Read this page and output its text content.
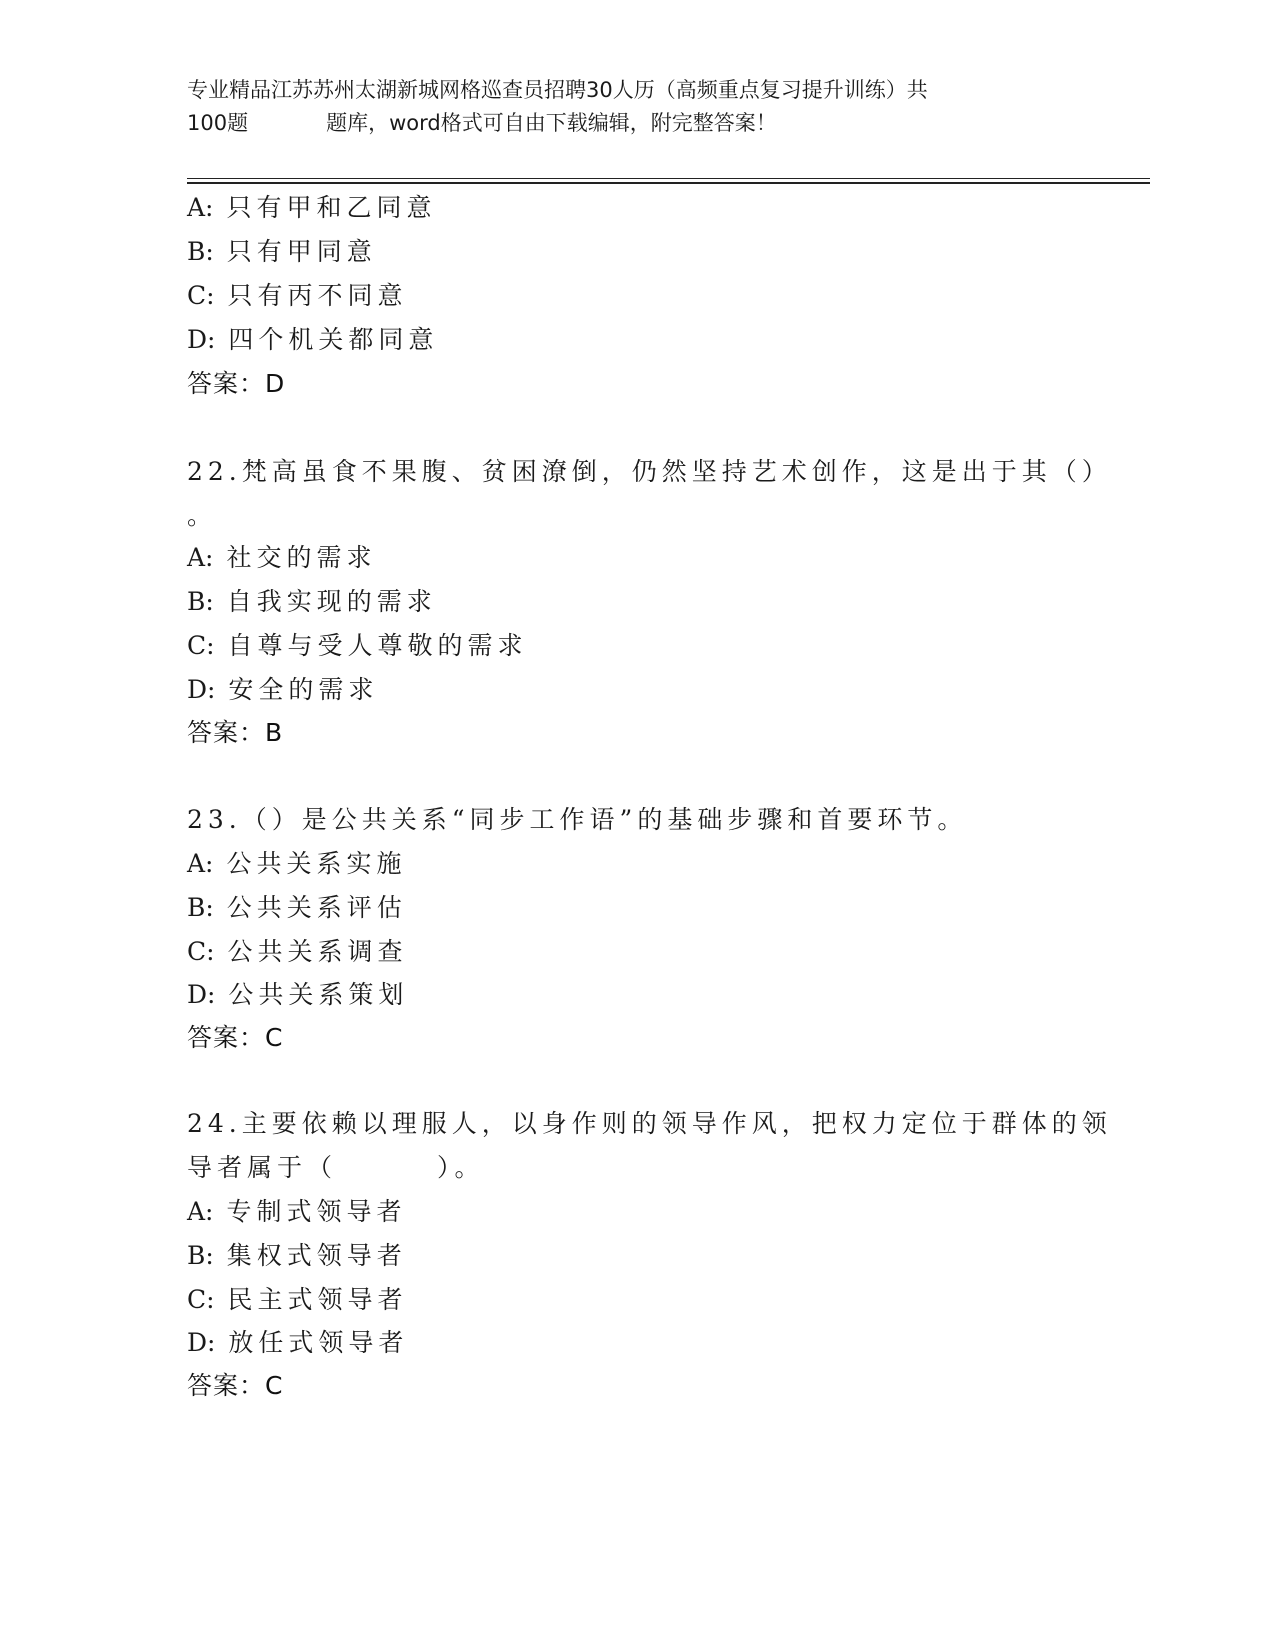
专业精品江苏苏州太湖新城网格巡查员招聘30人历（高频重点复习提升训练）共
100题	题库，word格式可自由下载编辑，附完整答案！
A: 只有甲和乙同意
B: 只有甲同意
C: 只有丙不同意
D: 四个机关都同意
答案：D
22.梵高虽食不果腹、贫困潦倒，仍然坚持艺术创作，这是出于其（）
。
A: 社交的需求
B: 自我实现的需求
C: 自尊与受人尊敬的需求
D: 安全的需求
答案：B
23.（）是公共关系“同步工作语”的基础步骤和首要环节。
A: 公共关系实施
B: 公共关系评估
C: 公共关系调查
D: 公共关系策划
答案：C
24.主要依赖以理服人，以身作则的领导作风，把权力定位于群体的领
导者属于（	）。
A: 专制式领导者
B: 集权式领导者
C: 民主式领导者
D: 放任式领导者
答案：C
